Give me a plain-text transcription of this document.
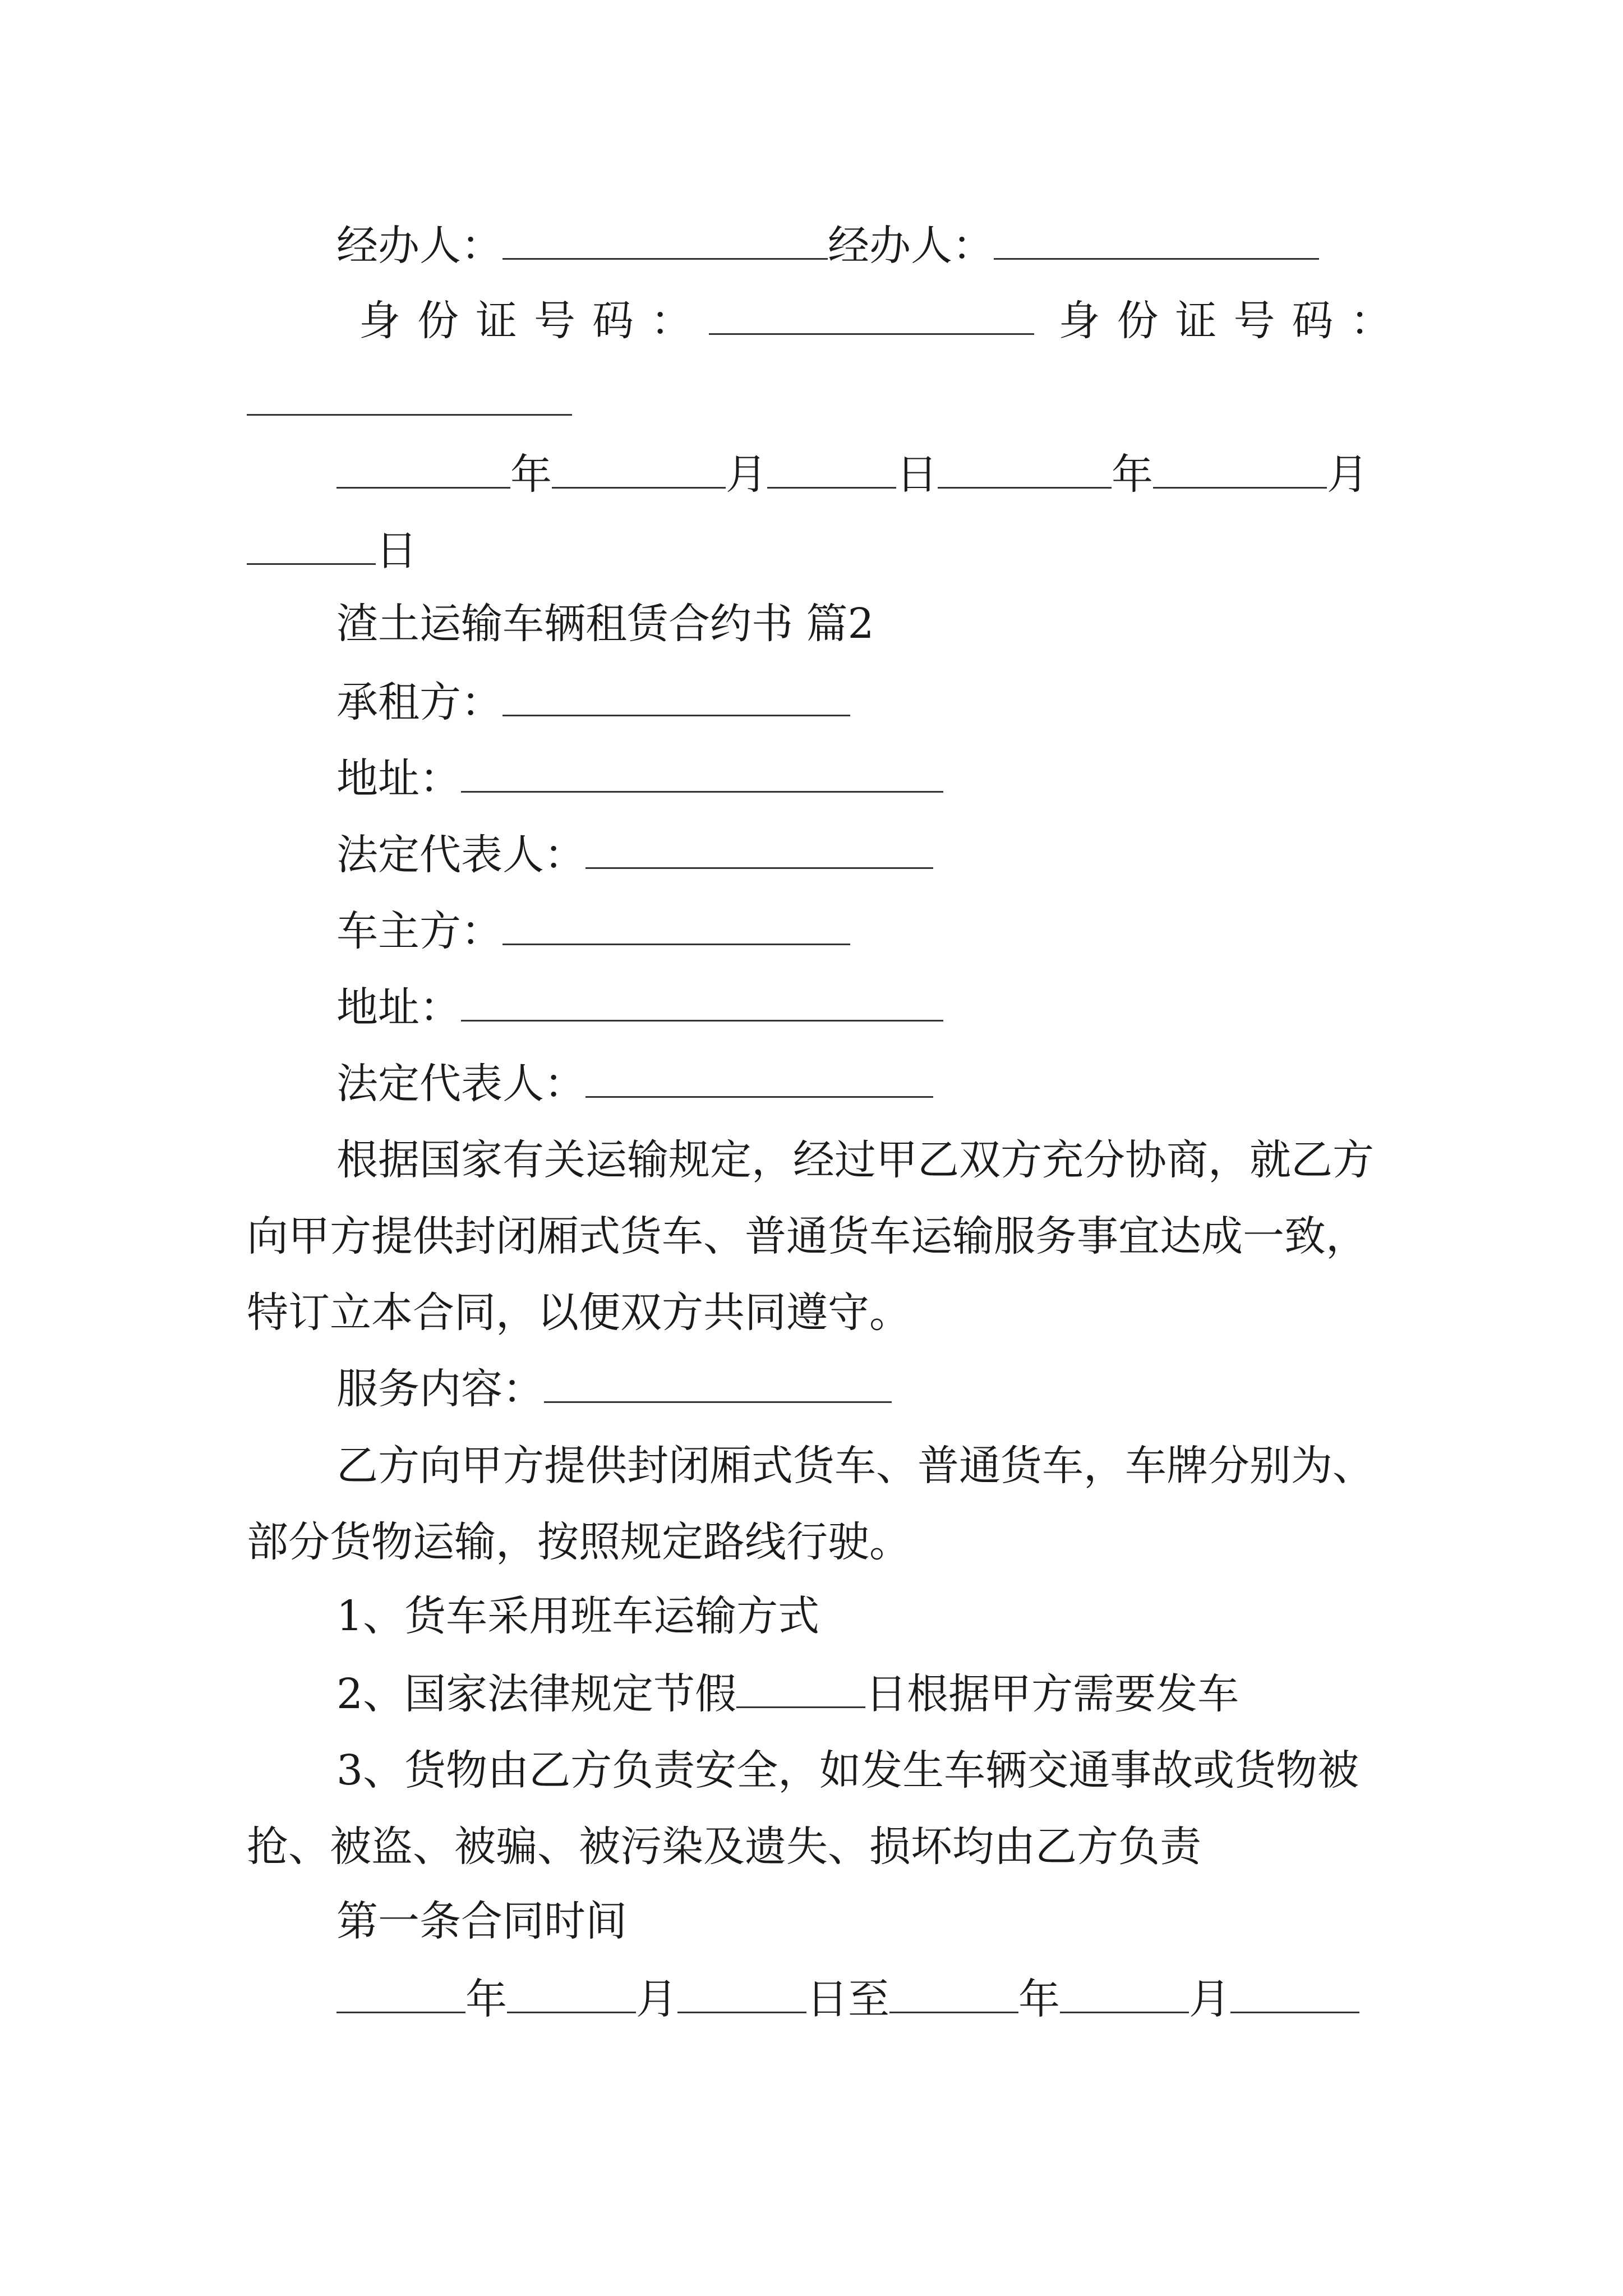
经办人：	经办人：
身份证号码：	身份证号码：
年	月	日	年	月
日
渣土运输车辆租赁合约书 篇2
承租方：
地址：
法定代表人：
车主方：
地址：
法定代表人：
根据国家有关运输规定，经过甲乙双方充分协商，就乙方向甲方提供封闭厢式货车、普通货车运输服务事宜达成一致，特订立本合同，以便双方共同遵守。
服务内容：
乙方向甲方提供封闭厢式货车、普通货车，车牌分别为、部分货物运输，按照规定路线行驶。
1、货车采用班车运输方式
2、国家法律规定节假	日根据甲方需要发车
3、货物由乙方负责安全，如发生车辆交通事故或货物被抢、被盗、被骗、被污染及遗失、损坏均由乙方负责
第一条合同时间
年	月	日至	年	月
